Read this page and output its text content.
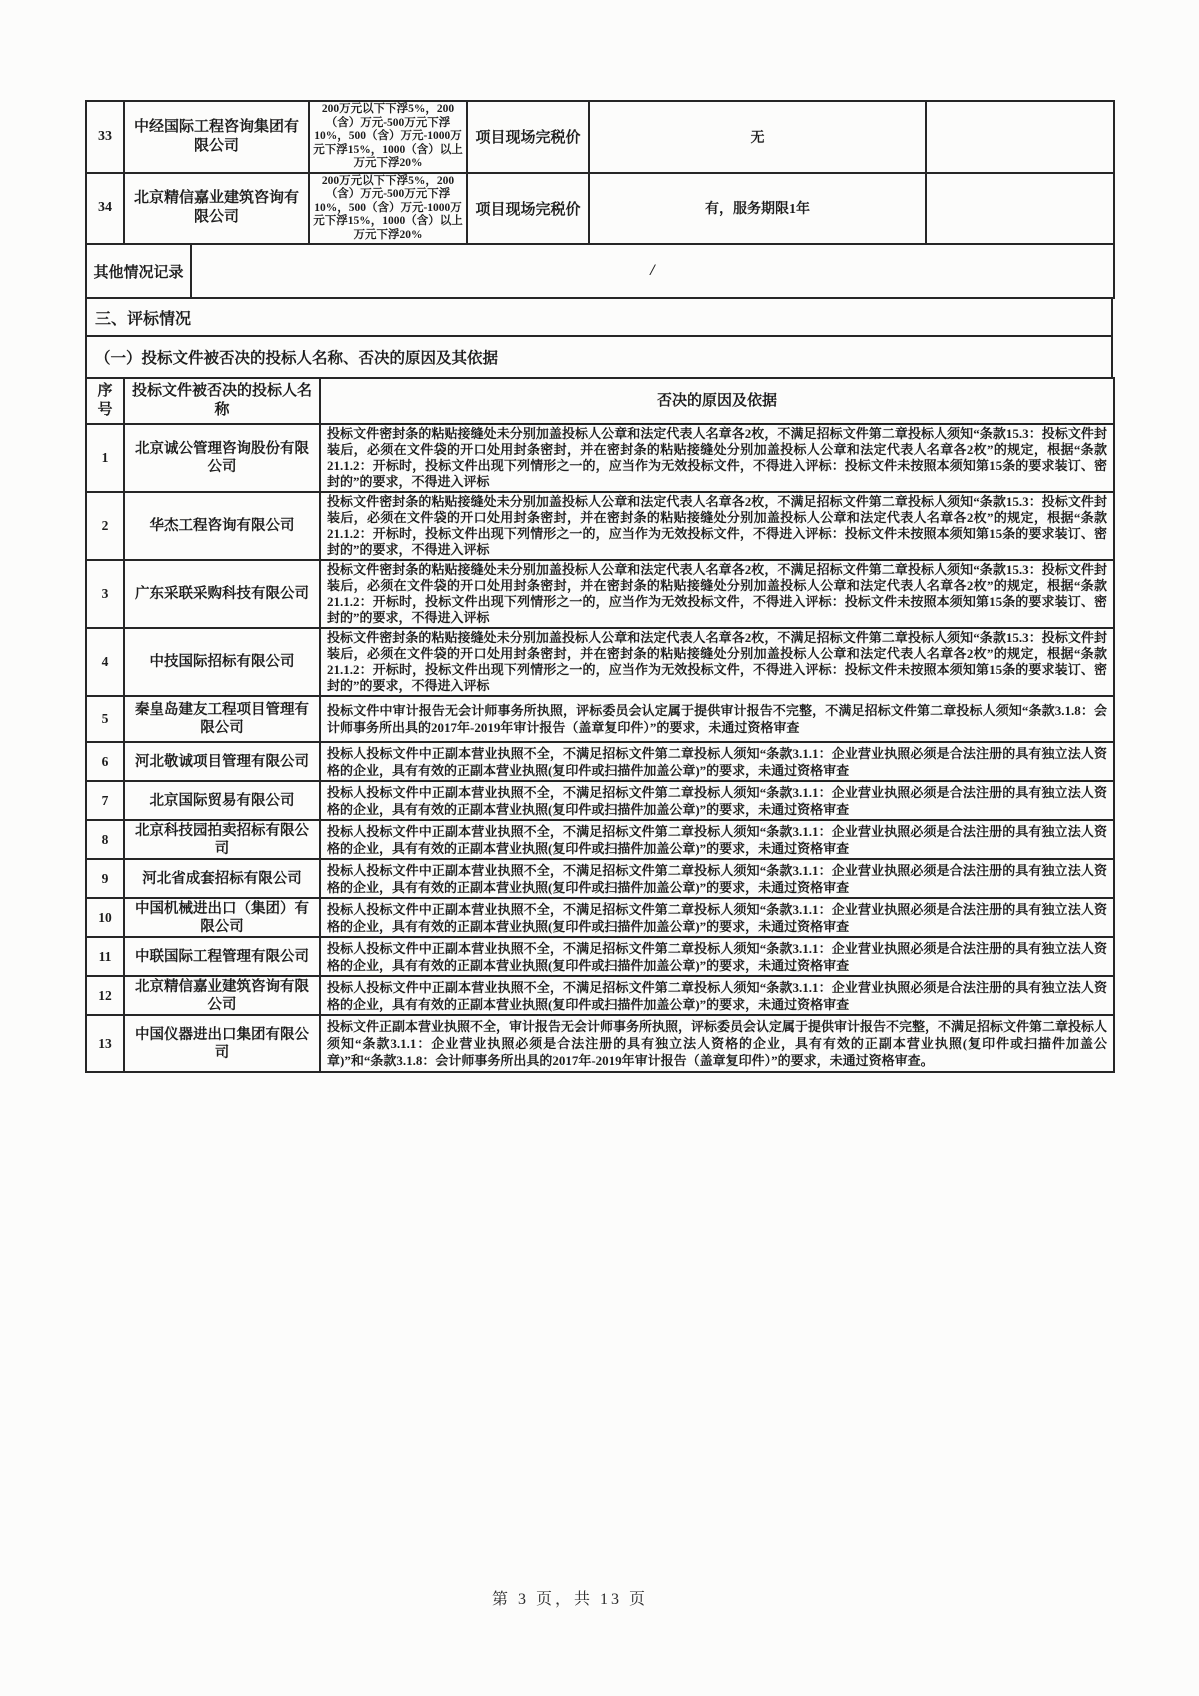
33	中经国际工程咨询集团有限公司	200万元以下下浮5%，200（含）万元-500万元下浮10%，500（含）万元-1000万元下浮15%，1000（含）以上万元下浮20%	项目现场完税价	无	
34	北京精信嘉业建筑咨询有限公司	200万元以下下浮5%，200（含）万元-500万元下浮10%，500（含）万元-1000万元下浮15%，1000（含）以上万元下浮20%	项目现场完税价	有，服务期限1年	
其他情况记录	/
三、评标情况
（一）投标文件被否决的投标人名称、否决的原因及其依据
序号	投标文件被否决的投标人名称	否决的原因及依据
1	北京诚公管理咨询股份有限公司	投标文件密封条的粘贴接缝处未分别加盖投标人公章和法定代表人名章各2枚，不满足招标文件第二章投标人须知“条款15.3：投标文件封装后，必须在文件袋的开口处用封条密封，并在密封条的粘贴接缝处分别加盖投标人公章和法定代表人名章各2枚”的规定，根据“条款21.1.2：开标时，投标文件出现下列情形之一的，应当作为无效投标文件，不得进入评标：投标文件未按照本须知第15条的要求装订、密封的”的要求，不得进入评标
2	华杰工程咨询有限公司	投标文件密封条的粘贴接缝处未分别加盖投标人公章和法定代表人名章各2枚，不满足招标文件第二章投标人须知“条款15.3：投标文件封装后，必须在文件袋的开口处用封条密封，并在密封条的粘贴接缝处分别加盖投标人公章和法定代表人名章各2枚”的规定，根据“条款21.1.2：开标时，投标文件出现下列情形之一的，应当作为无效投标文件，不得进入评标：投标文件未按照本须知第15条的要求装订、密封的”的要求，不得进入评标
3	广东采联采购科技有限公司	投标文件密封条的粘贴接缝处未分别加盖投标人公章和法定代表人名章各2枚，不满足招标文件第二章投标人须知“条款15.3：投标文件封装后，必须在文件袋的开口处用封条密封，并在密封条的粘贴接缝处分别加盖投标人公章和法定代表人名章各2枚”的规定，根据“条款21.1.2：开标时，投标文件出现下列情形之一的，应当作为无效投标文件，不得进入评标：投标文件未按照本须知第15条的要求装订、密封的”的要求，不得进入评标
4	中技国际招标有限公司	投标文件密封条的粘贴接缝处未分别加盖投标人公章和法定代表人名章各2枚，不满足招标文件第二章投标人须知“条款15.3：投标文件封装后，必须在文件袋的开口处用封条密封，并在密封条的粘贴接缝处分别加盖投标人公章和法定代表人名章各2枚”的规定，根据“条款21.1.2：开标时，投标文件出现下列情形之一的，应当作为无效投标文件，不得进入评标：投标文件未按照本须知第15条的要求装订、密封的”的要求，不得进入评标
5	秦皇岛建友工程项目管理有限公司	投标文件中审计报告无会计师事务所执照，评标委员会认定属于提供审计报告不完整，不满足招标文件第二章投标人须知“条款3.1.8：会计师事务所出具的2017年-2019年审计报告（盖章复印件）”的要求，未通过资格审查
6	河北敬诚项目管理有限公司	投标人投标文件中正副本营业执照不全，不满足招标文件第二章投标人须知“条款3.1.1：企业营业执照必须是合法注册的具有独立法人资格的企业，具有有效的正副本营业执照(复印件或扫描件加盖公章)”的要求，未通过资格审查
7	北京国际贸易有限公司	投标人投标文件中正副本营业执照不全，不满足招标文件第二章投标人须知“条款3.1.1：企业营业执照必须是合法注册的具有独立法人资格的企业，具有有效的正副本营业执照(复印件或扫描件加盖公章)”的要求，未通过资格审查
8	北京科技园拍卖招标有限公司	投标人投标文件中正副本营业执照不全，不满足招标文件第二章投标人须知“条款3.1.1：企业营业执照必须是合法注册的具有独立法人资格的企业，具有有效的正副本营业执照(复印件或扫描件加盖公章)”的要求，未通过资格审查
9	河北省成套招标有限公司	投标人投标文件中正副本营业执照不全，不满足招标文件第二章投标人须知“条款3.1.1：企业营业执照必须是合法注册的具有独立法人资格的企业，具有有效的正副本营业执照(复印件或扫描件加盖公章)”的要求，未通过资格审查
10	中国机械进出口（集团）有限公司	投标人投标文件中正副本营业执照不全，不满足招标文件第二章投标人须知“条款3.1.1：企业营业执照必须是合法注册的具有独立法人资格的企业，具有有效的正副本营业执照(复印件或扫描件加盖公章)”的要求，未通过资格审查
11	中联国际工程管理有限公司	投标人投标文件中正副本营业执照不全，不满足招标文件第二章投标人须知“条款3.1.1：企业营业执照必须是合法注册的具有独立法人资格的企业，具有有效的正副本营业执照(复印件或扫描件加盖公章)”的要求，未通过资格审查
12	北京精信嘉业建筑咨询有限公司	投标人投标文件中正副本营业执照不全，不满足招标文件第二章投标人须知“条款3.1.1：企业营业执照必须是合法注册的具有独立法人资格的企业，具有有效的正副本营业执照(复印件或扫描件加盖公章)”的要求，未通过资格审查
13	中国仪器进出口集团有限公司	投标文件正副本营业执照不全，审计报告无会计师事务所执照，评标委员会认定属于提供审计报告不完整，不满足招标文件第二章投标人须知“条款3.1.1：企业营业执照必须是合法注册的具有独立法人资格的企业，具有有效的正副本营业执照(复印件或扫描件加盖公章)”和“条款3.1.8：会计师事务所出具的2017年-2019年审计报告（盖章复印件）”的要求，未通过资格审查。
第 3 页，共 13 页
